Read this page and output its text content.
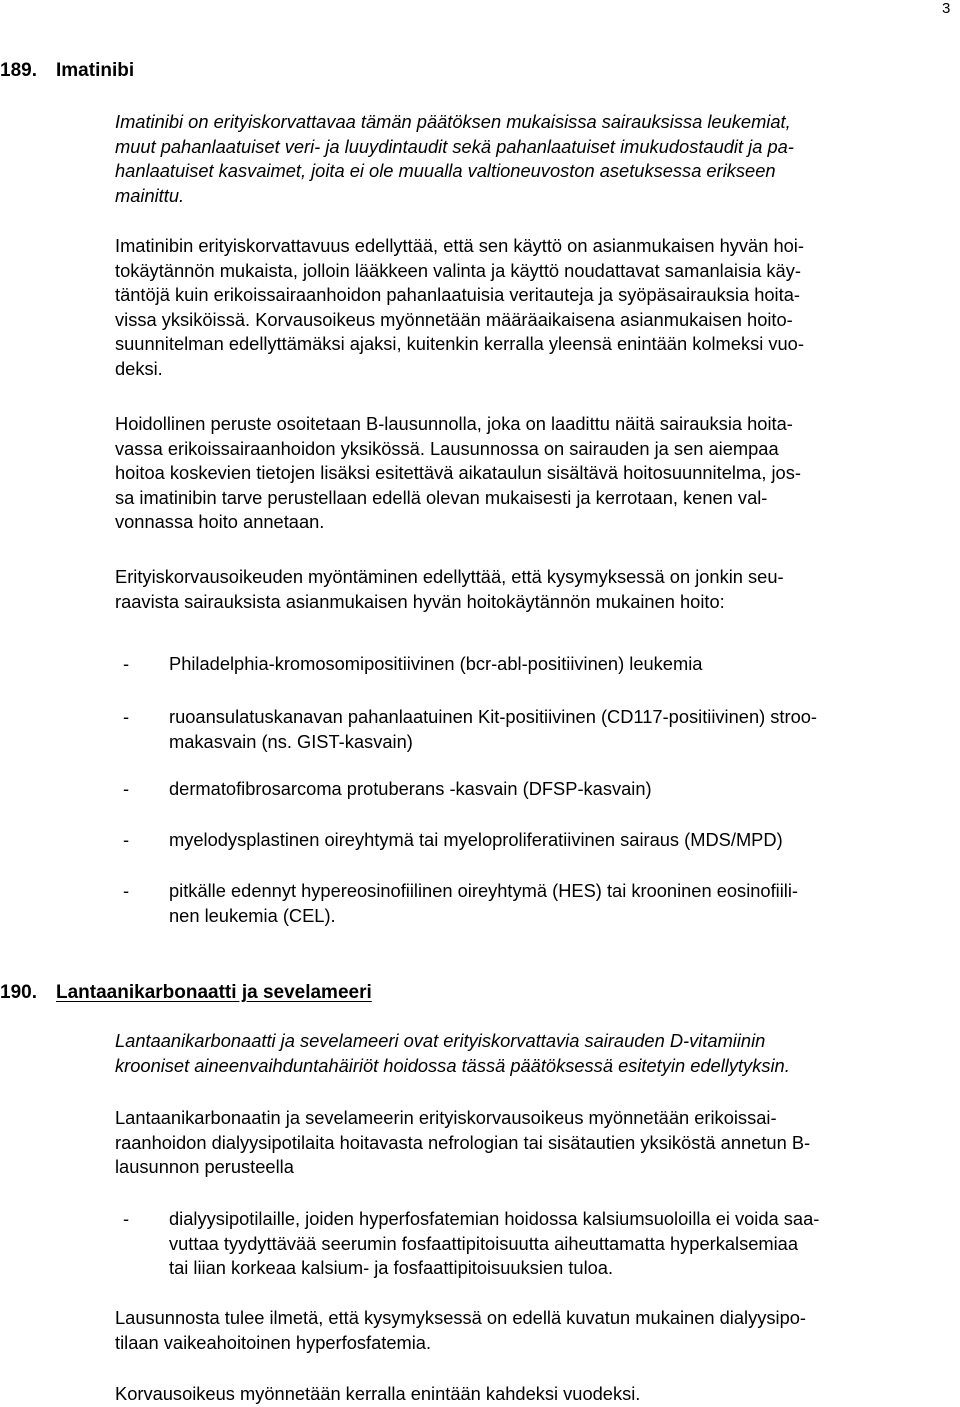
3
189. Imatinibi
Imatinibi on erityiskorvattavaa tämän päätöksen mukaisissa sairauksissa leukemiat,
muut pahanlaatuiset veri- ja luuydintaudit sekä pahanlaatuiset imukudostaudit ja pa-
hanlaatuiset kasvaimet, joita ei ole muualla valtioneuvoston asetuksessa erikseen
mainittu.
Imatinibin erityiskorvattavuus edellyttää, että sen käyttö on asianmukaisen hyvän hoi-
tokäytännön mukaista, jolloin lääkkeen valinta ja käyttö noudattavat samanlaisia käy-
täntöjä kuin erikoissairaanhoidon pahanlaatuisia veritauteja ja syöpäsairauksia hoita-
vissa yksiköissä. Korvausoikeus myönnetään määräaikaisena asianmukaisen hoito-
suunnitelman edellyttämäksi ajaksi, kuitenkin kerralla yleensä enintään kolmeksi vuo-
deksi.
Hoidollinen peruste osoitetaan B-lausunnolla, joka on laadittu näitä sairauksia hoita-
vassa erikoissairaanhoidon yksikössä. Lausunnossa on sairauden ja sen aiempaa
hoitoa koskevien tietojen lisäksi esitettävä aikataulun sisältävä hoitosuunnitelma, jos-
sa imatinibin tarve perustellaan edellä olevan mukaisesti ja kerrotaan, kenen val-
vonnassa hoito annetaan.
Erityiskorvausoikeuden myöntäminen edellyttää, että kysymyksessä on jonkin seu-
raavista sairauksista asianmukaisen hyvän hoitokäytännön mukainen hoito:
-	Philadelphia-kromosomipositiivinen (bcr-abl-positiivinen) leukemia
-	ruoansulatuskanavan pahanlaatuinen Kit-positiivinen (CD117-positiivinen) stroo-
makasvain (ns. GIST-kasvain)
-	dermatofibrosarcoma protuberans -kasvain (DFSP-kasvain)
-	myelodysplastinen oireyhtymä tai myeloproliferatiivinen sairaus (MDS/MPD)
-	pitkälle edennyt hypereosinofiilinen oireyhtymä (HES) tai krooninen eosinofiili-
nen leukemia (CEL).
190. Lantaanikarbonaatti ja sevelameeri
Lantaanikarbonaatti ja sevelameeri ovat erityiskorvattavia sairauden D-vitamiinin
krooniset aineenvaihduntahäiriöt hoidossa tässä päätöksessä esitetyin edellytyksin.
Lantaanikarbonaatin ja sevelameerin erityiskorvausoikeus myönnetään erikoissai-
raanhoidon dialyysipotilaita hoitavasta nefrologian tai sisätautien yksiköstä annetun B-
lausunnon perusteella
-	dialyysipotilaille, joiden hyperfosfatemian hoidossa kalsiumsuoloilla ei voida saa-
vuttaa tyydyttävää seerumin fosfaattipitoisuutta aiheuttamatta hyperkalsemiaa
tai liian korkeaa kalsium- ja fosfaattipitoisuuksien tuloa.
Lausunnosta tulee ilmetä, että kysymyksessä on edellä kuvatun mukainen dialyysipo-
tilaan vaikeahoitoinen hyperfosfatemia.
Korvausoikeus myönnetään kerralla enintään kahdeksi vuodeksi.
